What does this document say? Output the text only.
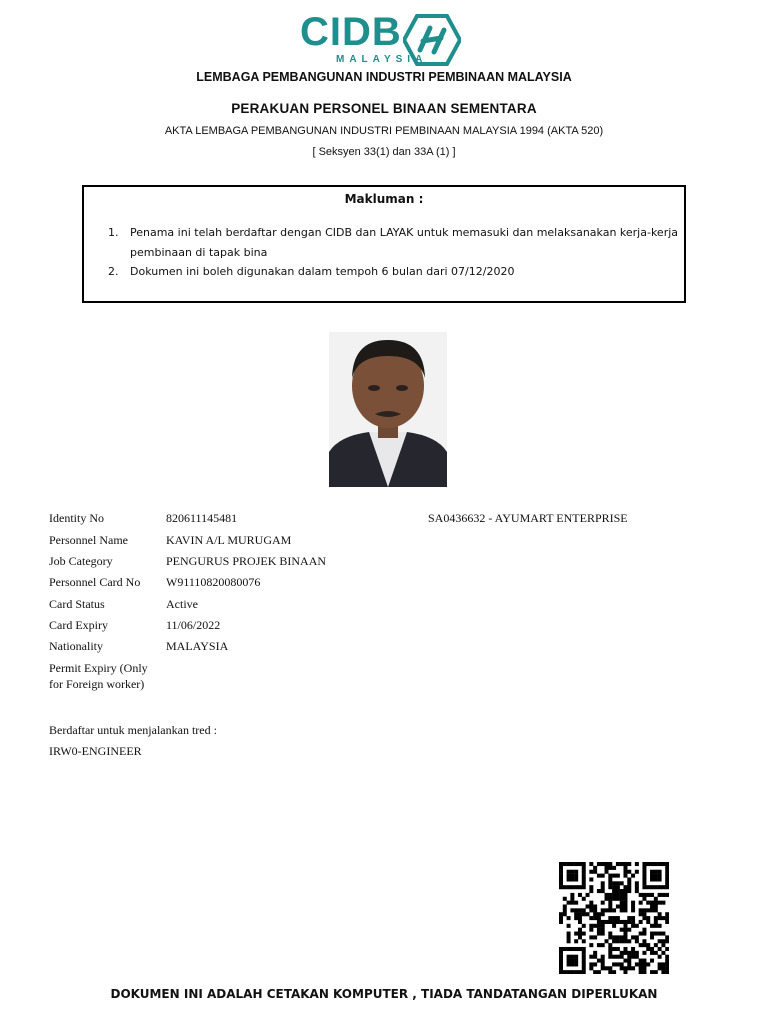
CIDB
MALAYSIA
LEMBAGA PEMBANGUNAN INDUSTRI PEMBINAAN MALAYSIA
PERAKUAN PERSONEL BINAAN SEMENTARA
AKTA LEMBAGA PEMBANGUNAN INDUSTRI PEMBINAAN MALAYSIA 1994 (AKTA 520)
[ Seksyen 33(1) dan 33A (1) ]
Makluman :
1. Penama ini telah berdaftar dengan CIDB dan LAYAK untuk memasuki dan melaksanakan kerja-kerja pembinaan di tapak bina
2. Dokumen ini boleh digunakan dalam tempoh 6 bulan dari 07/12/2020
Identity No	820611145481	SA0436632 - AYUMART ENTERPRISE
Personnel Name	KAVIN A/L MURUGAM
Job Category	PENGURUS PROJEK BINAAN
Personnel Card No W91110820080076
Card Status	Active
Card Expiry	11/06/2022
Nationality	MALAYSIA
Permit Expiry (Only
for Foreign worker)
Berdaftar untuk menjalankan tred :
IRW0-ENGINEER
DOKUMEN INI ADALAH CETAKAN KOMPUTER , TIADA TANDATANGAN DIPERLUKAN
